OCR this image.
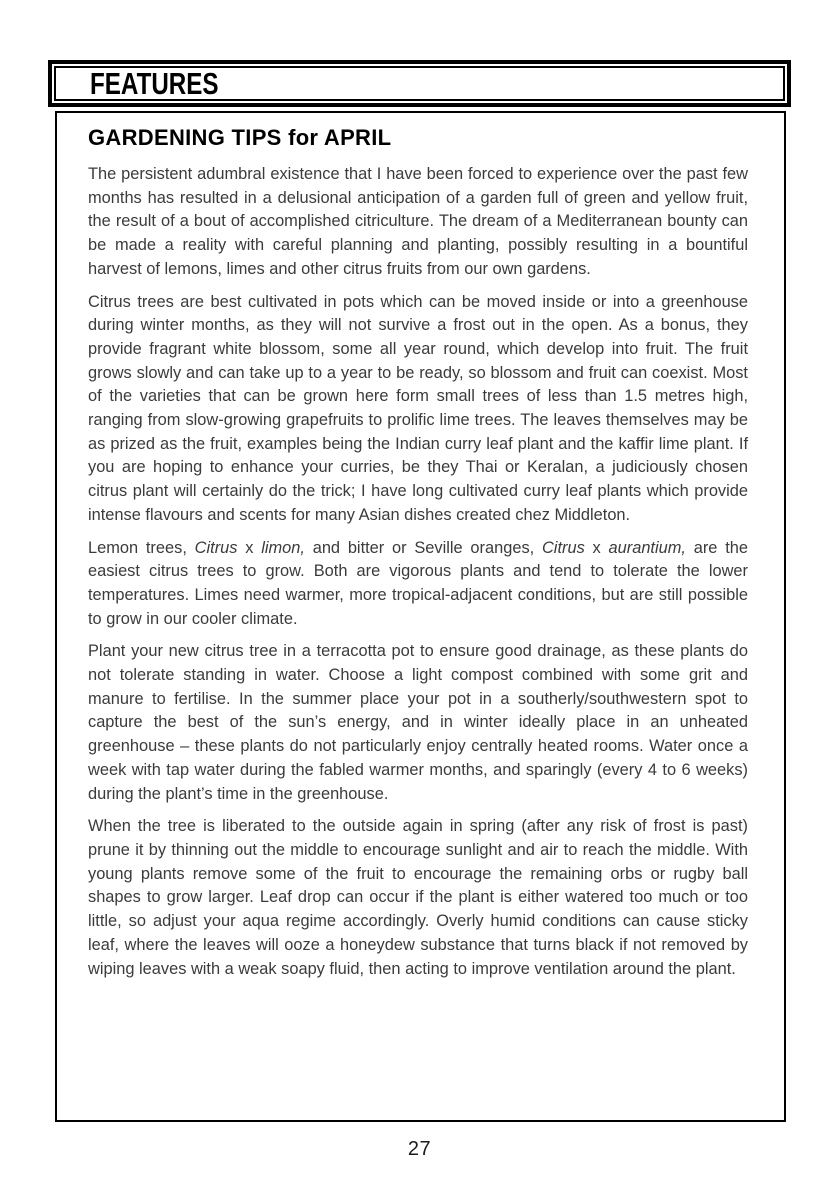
FEATURES
GARDENING TIPS for APRIL

The persistent adumbral existence that I have been forced to experience over the past few months has resulted in a delusional anticipation of a garden full of green and yellow fruit, the result of a bout of accomplished citriculture. The dream of a Mediterranean bounty can be made a reality with careful planning and planting, possibly resulting in a bountiful harvest of lemons, limes and other citrus fruits from our own gardens.

Citrus trees are best cultivated in pots which can be moved inside or into a greenhouse during winter months, as they will not survive a frost out in the open. As a bonus, they provide fragrant white blossom, some all year round, which develop into fruit. The fruit grows slowly and can take up to a year to be ready, so blossom and fruit can coexist. Most of the varieties that can be grown here form small trees of less than 1.5 metres high, ranging from slow-growing grapefruits to prolific lime trees. The leaves themselves may be as prized as the fruit, examples being the Indian curry leaf plant and the kaffir lime plant. If you are hoping to enhance your curries, be they Thai or Keralan, a judiciously chosen citrus plant will certainly do the trick; I have long cultivated curry leaf plants which provide intense flavours and scents for many Asian dishes created chez Middleton.

Lemon trees, Citrus x limon, and bitter or Seville oranges, Citrus x aurantium, are the easiest citrus trees to grow. Both are vigorous plants and tend to tolerate the lower temperatures. Limes need warmer, more tropical-adjacent conditions, but are still possible to grow in our cooler climate.

Plant your new citrus tree in a terracotta pot to ensure good drainage, as these plants do not tolerate standing in water. Choose a light compost combined with some grit and manure to fertilise. In the summer place your pot in a southerly/southwestern spot to capture the best of the sun’s energy, and in winter ideally place in an unheated greenhouse – these plants do not particularly enjoy centrally heated rooms. Water once a week with tap water during the fabled warmer months, and sparingly (every 4 to 6 weeks) during the plant’s time in the greenhouse.

When the tree is liberated to the outside again in spring (after any risk of frost is past) prune it by thinning out the middle to encourage sunlight and air to reach the middle. With young plants remove some of the fruit to encourage the remaining orbs or rugby ball shapes to grow larger. Leaf drop can occur if the plant is either watered too much or too little, so adjust your aqua regime accordingly. Overly humid conditions can cause sticky leaf, where the leaves will ooze a honeydew substance that turns black if not removed by wiping leaves with a weak soapy fluid, then acting to improve ventilation around the plant.

27
